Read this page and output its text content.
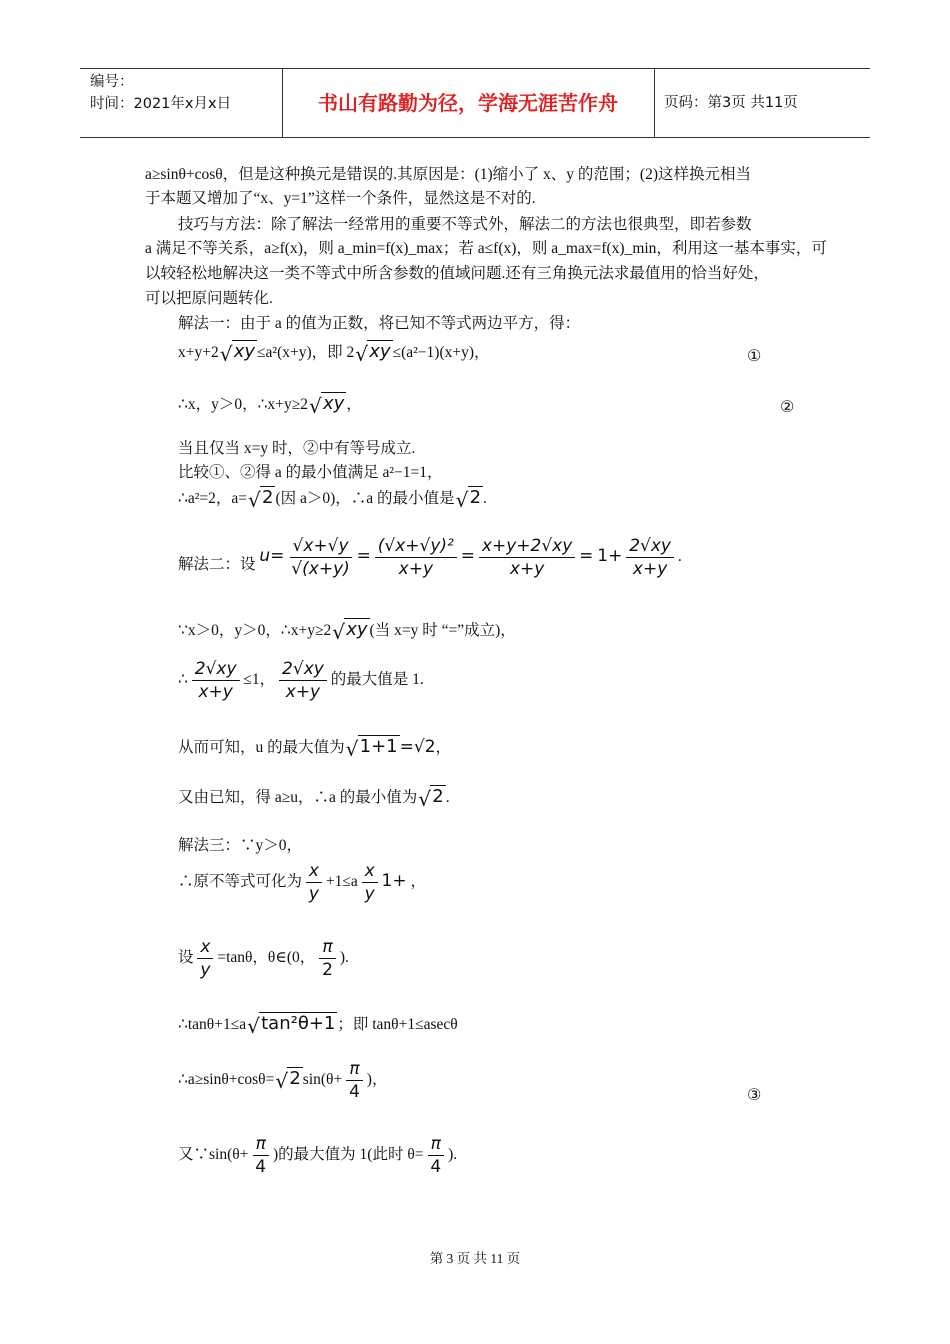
编号：
时间：2021年x月x日	书山有路勤为径，学海无涯苦作舟	页码：第3页 共11页
a≥sinθ+cosθ，但是这种换元是错误的.其原因是：(1)缩小了 x、y 的范围；(2)这样换元相当
于本题又增加了“x、y=1”这样一个条件，显然这是不对的.
技巧与方法：除了解法一经常用的重要不等式外，解法二的方法也很典型，即若参数
a 满足不等关系，a≥f(x)，则 a_min=f(x)_max；若 a≤f(x)，则 a_max=f(x)_min，利用这一基本事实，可
以较轻松地解决这一类不等式中所含参数的值域问题.还有三角换元法求最值用的恰当好处，
可以把原问题转化.
解法一：由于 a 的值为正数，将已知不等式两边平方，得：
x+y+2 √ xy ≤a²(x+y)，即 2 √ xy ≤(a²−1)(x+y)，	①
∴x，y＞0，∴x+y≥2 √ xy ，	②
当且仅当 x=y 时，②中有等号成立.
比较①、②得 a 的最小值满足 a²−1=1，
∴a²=2，a= √ 2 (因 a＞0)，∴a 的最小值是 √ 2 .
解法二：设 $u= \frac{√x+√y}{√(x+y)} = \frac{\text{(√x+√y)²}}{x+y} = \frac{x+y+2√xy}{x+y} = 1+ \frac{2√xy}{x+y}$ .
∵x＞0，y＞0，∴x+y≥2 √ xy (当 x=y 时 “=”成立)，
∴ $\frac{2√xy}{x+y} \le 1$， $\frac{2√xy}{x+y}$ 的最大值是 1.
从而可知，u 的最大值为 √ 1+1 =√2，
又由已知，得 a≥u，∴a 的最小值为 √ 2 .
解法三：∵y＞0，
∴原不等式可化为 $\frac{x}{y} +1\le a \frac{x}{y} 1+$ ，
设 $\frac{x}{y} =\tan\theta$，θ∈(0， $\frac{\pi}{2}$ ).
∴tanθ+1≤a √ tan²θ+1 ；即 tanθ+1≤asecθ
∴a≥sinθ+cosθ= √ 2 $\sin(\theta+ \frac{\pi}{4}$ )，
③
又∵sin(θ+ $\frac{\pi}{4}$ )的最大值为 1(此时 $\theta= \frac{\pi}{4}$ ).
第 3 页 共 11 页
